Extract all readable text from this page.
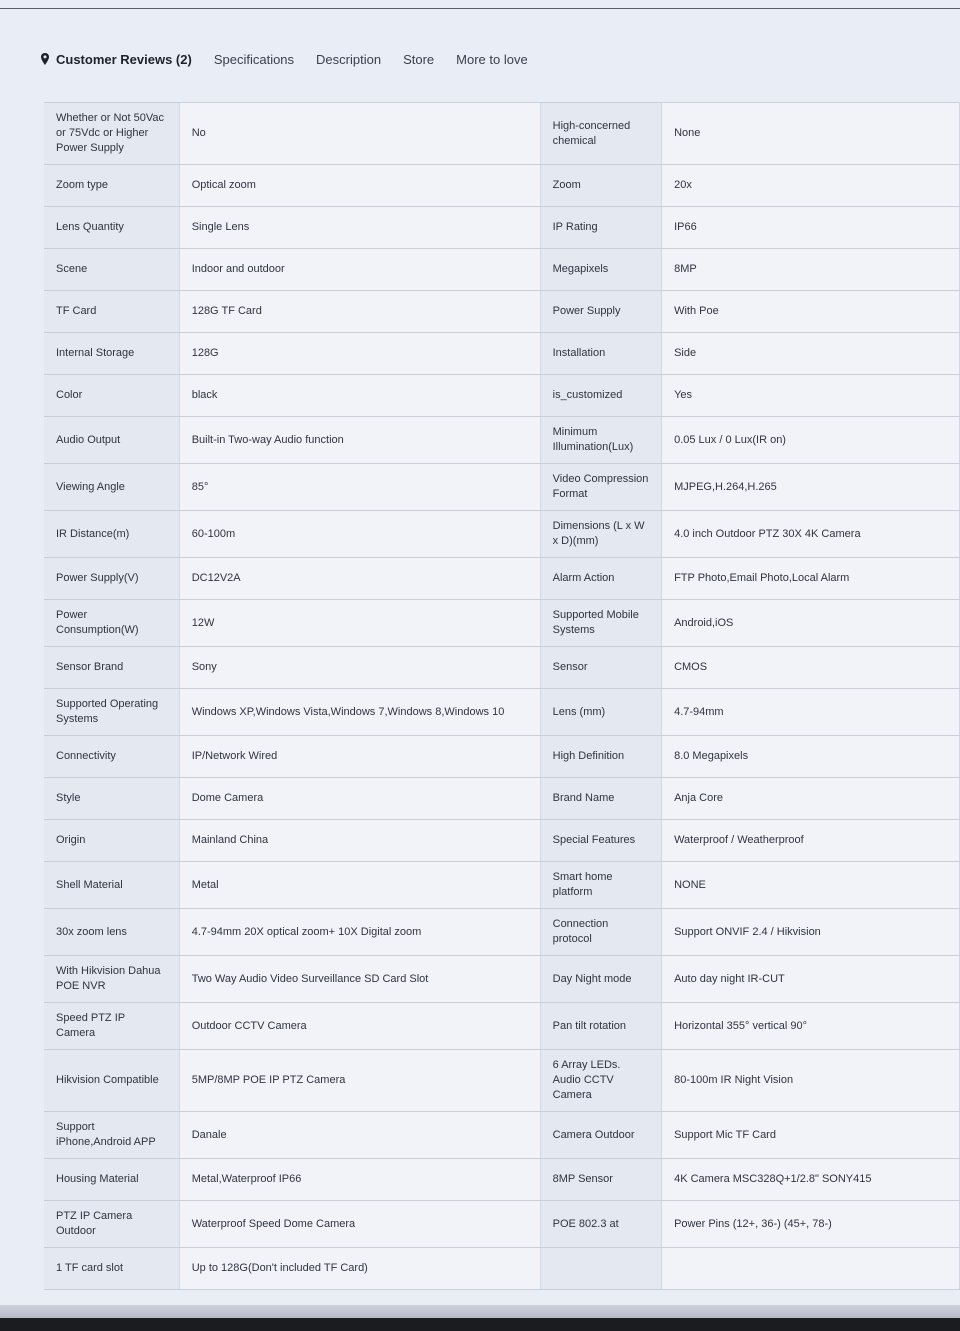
Customer Reviews (2) Specifications Description Store More to love
Whether or Not 50Vac or 75Vdc or Higher Power Supply	No	High-concerned chemical	None
Zoom type	Optical zoom	Zoom	20x
Lens Quantity	Single Lens	IP Rating	IP66
Scene	Indoor and outdoor	Megapixels	8MP
TF Card	128G TF Card	Power Supply	With Poe
Internal Storage	128G	Installation	Side
Color	black	is_customized	Yes
Audio Output	Built-in Two-way Audio function	Minimum Illumination(Lux)	0.05 Lux / 0 Lux(IR on)
Viewing Angle	85°	Video Compression Format	MJPEG,H.264,H.265
IR Distance(m)	60-100m	Dimensions (L x W x D)(mm)	4.0 inch Outdoor PTZ 30X 4K Camera
Power Supply(V)	DC12V2A	Alarm Action	FTP Photo,Email Photo,Local Alarm
Power Consumption(W)	12W	Supported Mobile Systems	Android,iOS
Sensor Brand	Sony	Sensor	CMOS
Supported Operating Systems	Windows XP,Windows Vista,Windows 7,Windows 8,Windows 10	Lens (mm)	4.7-94mm
Connectivity	IP/Network Wired	High Definition	8.0 Megapixels
Style	Dome Camera	Brand Name	Anja Core
Origin	Mainland China	Special Features	Waterproof / Weatherproof
Shell Material	Metal	Smart home platform	NONE
30x zoom lens	4.7-94mm 20X optical zoom+ 10X Digital zoom	Connection protocol	Support ONVIF 2.4 / Hikvision
With Hikvision Dahua POE NVR	Two Way Audio Video Surveillance SD Card Slot	Day Night mode	Auto day night IR-CUT
Speed PTZ IP Camera	Outdoor CCTV Camera	Pan tilt rotation	Horizontal 355° vertical 90°
Hikvision Compatible	5MP/8MP POE IP PTZ Camera	6 Array LEDs. Audio CCTV Camera	80-100m IR Night Vision
Support iPhone,Android APP	Danale	Camera Outdoor	Support Mic TF Card
Housing Material	Metal,Waterproof IP66	8MP Sensor	4K Camera MSC328Q+1/2.8" SONY415
PTZ IP Camera Outdoor	Waterproof Speed Dome Camera	POE 802.3 at	Power Pins (12+, 36-) (45+, 78-)
1 TF card slot	Up to 128G(Don't included TF Card)		
